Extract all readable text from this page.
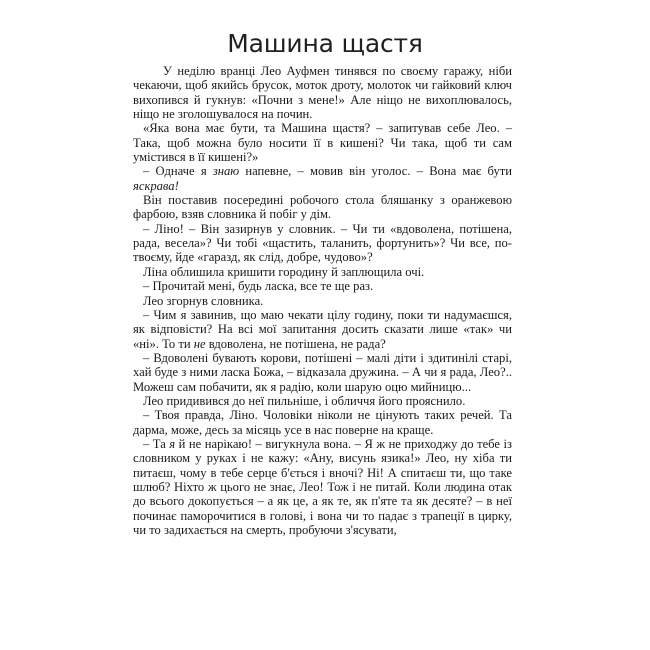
Машина щастя

У неділю вранці Лео Ауфмен тинявся по своєму гаражу, ніби чекаючи, щоб якийсь брусок, моток дроту, молоток чи гайковий ключ вихопився й гукнув: «Почни з мене!» Але ніщо не вихоплювалось, ніщо не зголошувалося на почин.

«Яка вона має бути, та Машина щастя? – запитував себе Лео. – Така, щоб можна було носити її в кишені? Чи така, щоб ти сам умістився в її кишені?»

– Одначе я знаю напевне, – мовив він уголос. – Вона має бути яскрава!

Він поставив посередині робочого стола бляшанку з оранжевою фарбою, взяв словника й побіг у дім.

– Ліно! – Він зазирнув у словник. – Чи ти «вдоволена, потішена, рада, весела»? Чи тобі «щастить, таланить, фортунить»? Чи все, по-твоєму, йде «гаразд, як слід, добре, чудово»?

Ліна облишила кришити городину й заплющила очі.

– Прочитай мені, будь ласка, все те ще раз.

Лео згорнув словника.

– Чим я завинив, що маю чекати цілу годину, поки ти надумаєшся, як відповісти? На всі мої запитання досить сказати лише «так» чи «ні». То ти не вдоволена, не потішена, не рада?

– Вдоволені бувають корови, потішені – малі діти і здитинілі старі, хай буде з ними ласка Божа, – відказала дружина. – А чи я рада, Лео?.. Можеш сам побачити, як я радію, коли шарую оцю мийницю...

Лео придивився до неї пильніше, і обличчя його прояснило.

– Твоя правда, Ліно. Чоловіки ніколи не цінують таких речей. Та дарма, може, десь за місяць усе в нас поверне на краще.

– Та я й не нарікаю! – вигукнула вона. – Я ж не приходжу до тебе із словником у руках і не кажу: «Ану, висунь язика!» Лео, ну хіба ти питаєш, чому в тебе серце б'ється і вночі? Ні! А спитаєш ти, що таке шлюб? Ніхто ж цього не знає, Лео! Тож і не питай. Коли людина отак до всього докопується – а як це, а як те, як п'яте та як десяте? – в неї починає паморочитися в голові, і вона чи то падає з трапеції в цирку, чи то задихається на смерть, пробуючи з'ясувати,
